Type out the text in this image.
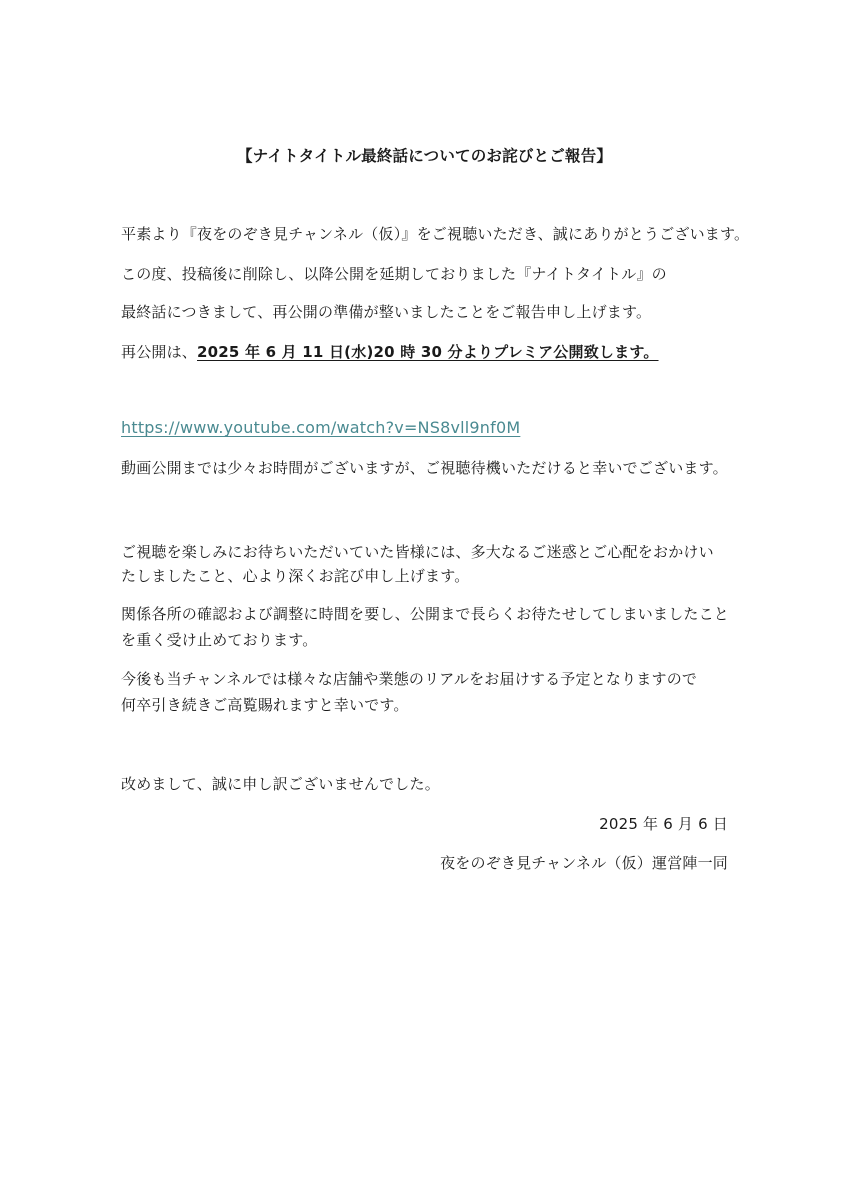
【ナイトタイトル最終話についてのお詫びとご報告】
平素より『夜をのぞき見チャンネル（仮）』をご視聴いただき、誠にありがとうございます。
この度、投稿後に削除し、以降公開を延期しておりました『ナイトタイトル』の
最終話につきまして、再公開の準備が整いましたことをご報告申し上げます。
再公開は、2025 年 6 月 11 日(水)20 時 30 分よりプレミア公開致します。
https://www.youtube.com/watch?v=NS8vll9nf0M
動画公開までは少々お時間がございますが、ご視聴待機いただけると幸いでございます。
ご視聴を楽しみにお待ちいただいていた皆様には、多大なるご迷惑とご心配をおかけい
たしましたこと、心より深くお詫び申し上げます。
関係各所の確認および調整に時間を要し、公開まで長らくお待たせしてしまいましたこと
を重く受け止めております。
今後も当チャンネルでは様々な店舗や業態のリアルをお届けする予定となりますので
何卒引き続きご高覧賜れますと幸いです。
改めまして、誠に申し訳ございませんでした。
2025 年 6 月 6 日
夜をのぞき見チャンネル（仮）運営陣一同
